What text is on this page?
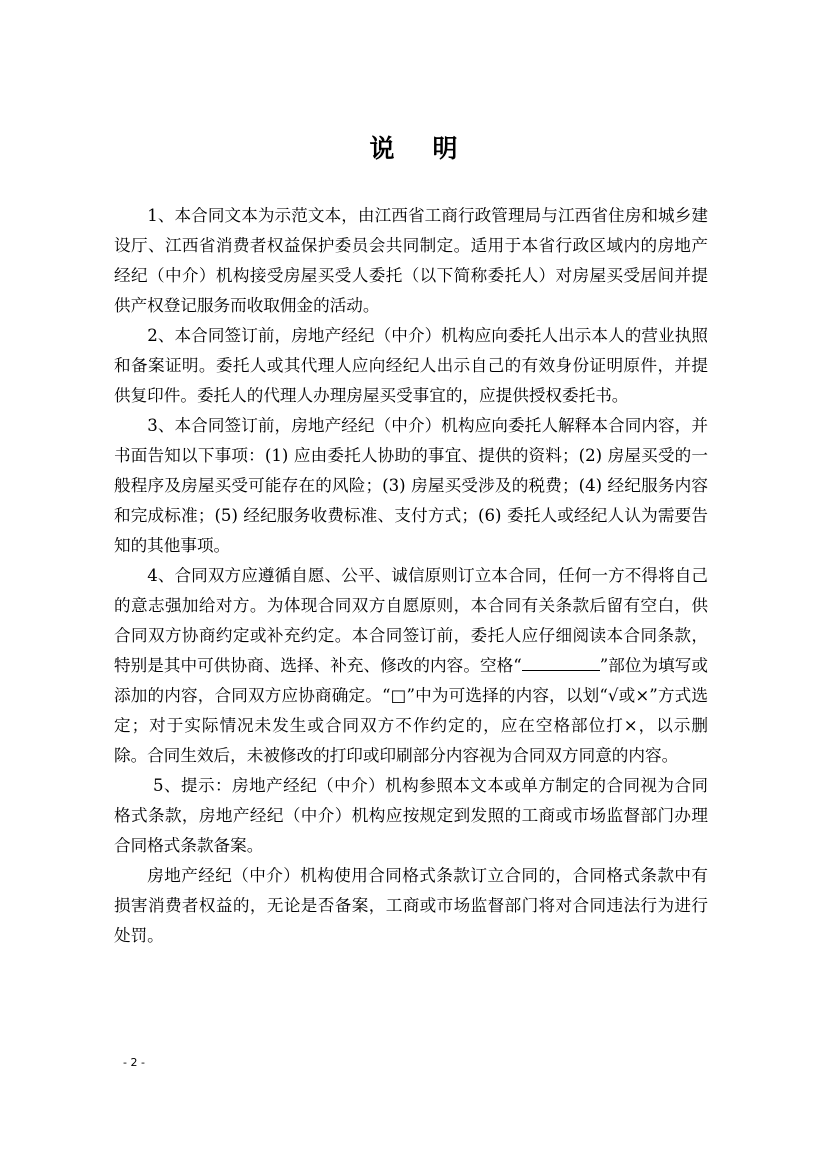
说 明

1、本合同文本为示范文本，由江西省工商行政管理局与江西省住房和城乡建设厅、江西省消费者权益保护委员会共同制定。适用于本省行政区域内的房地产经纪（中介）机构接受房屋买受人委托（以下简称委托人）对房屋买受居间并提供产权登记服务而收取佣金的活动。

2、本合同签订前，房地产经纪（中介）机构应向委托人出示本人的营业执照和备案证明。委托人或其代理人应向经纪人出示自己的有效身份证明原件，并提供复印件。委托人的代理人办理房屋买受事宜的，应提供授权委托书。

3、本合同签订前，房地产经纪（中介）机构应向委托人解释本合同内容，并书面告知以下事项：(1) 应由委托人协助的事宜、提供的资料；(2) 房屋买受的一般程序及房屋买受可能存在的风险；(3) 房屋买受涉及的税费；(4) 经纪服务内容和完成标准；(5) 经纪服务收费标准、支付方式；(6) 委托人或经纪人认为需要告知的其他事项。

4、合同双方应遵循自愿、公平、诚信原则订立本合同，任何一方不得将自己的意志强加给对方。为体现合同双方自愿原则，本合同有关条款后留有空白，供合同双方协商约定或补充约定。本合同签订前，委托人应仔细阅读本合同条款，特别是其中可供协商、选择、补充、修改的内容。空格“	”部位为填写或添加的内容，合同双方应协商确定。“□”中为可选择的内容，以划“√或×”方式选定；对于实际情况未发生或合同双方不作约定的，应在空格部位打×，以示删除。合同生效后，未被修改的打印或印刷部分内容视为合同双方同意的内容。

5、提示：房地产经纪（中介）机构参照本文本或单方制定的合同视为合同格式条款，房地产经纪（中介）机构应按规定到发照的工商或市场监督部门办理合同格式条款备案。

房地产经纪（中介）机构使用合同格式条款订立合同的，合同格式条款中有损害消费者权益的，无论是否备案，工商或市场监督部门将对合同违法行为进行处罚。

- 2 -
